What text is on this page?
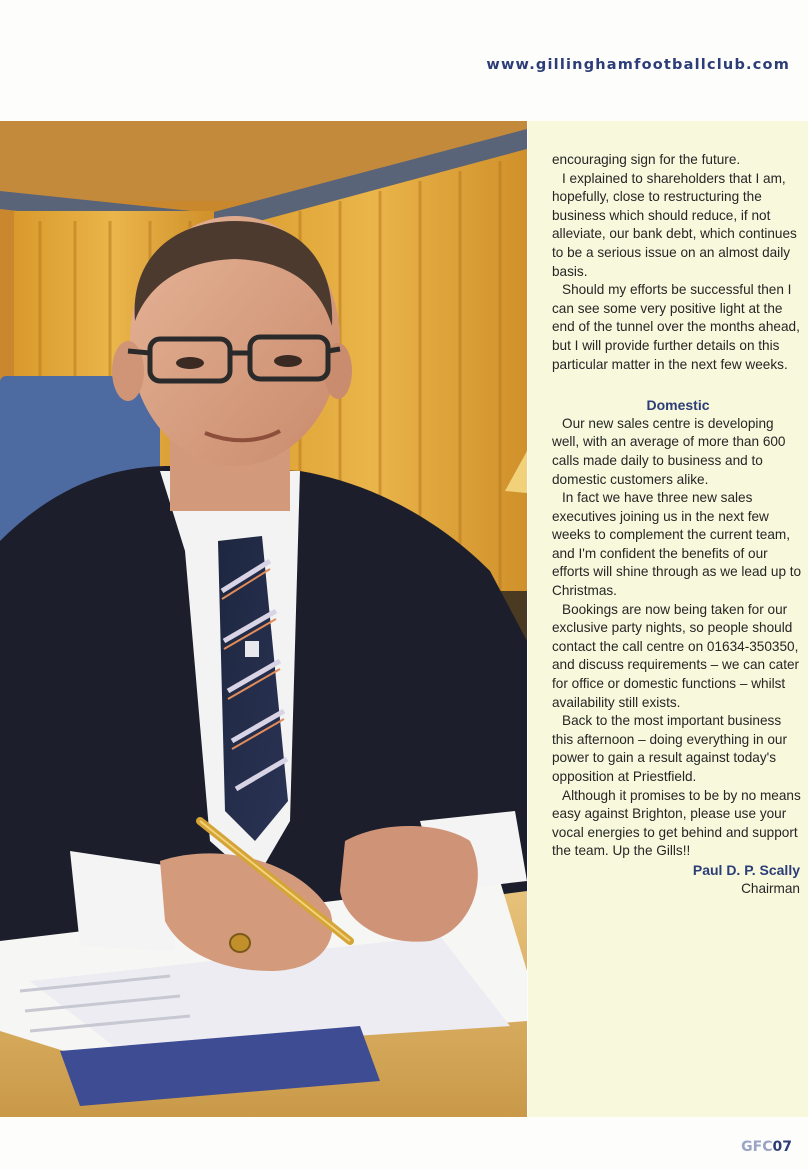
www.gillinghamfootballclub.com

encouraging sign for the future.

I explained to shareholders that I am, hopefully, close to restructuring the business which should reduce, if not alleviate, our bank debt, which continues to be a serious issue on an almost daily basis.

Should my efforts be successful then I can see some very positive light at the end of the tunnel over the months ahead, but I will provide further details on this particular matter in the next few weeks.

Domestic

Our new sales centre is developing well, with an average of more than 600 calls made daily to business and to domestic customers alike.

In fact we have three new sales executives joining us in the next few weeks to complement the current team, and I'm confident the benefits of our efforts will shine through as we lead up to Christmas.

Bookings are now being taken for our exclusive party nights, so people should contact the call centre on 01634-350350, and discuss requirements – we can cater for office or domestic functions – whilst availability still exists.

Back to the most important business this afternoon – doing everything in our power to gain a result against today's opposition at Priestfield.

Although it promises to be by no means easy against Brighton, please use your vocal energies to get behind and support the team. Up the Gills!!

Paul D. P. Scally
Chairman
GFC07
